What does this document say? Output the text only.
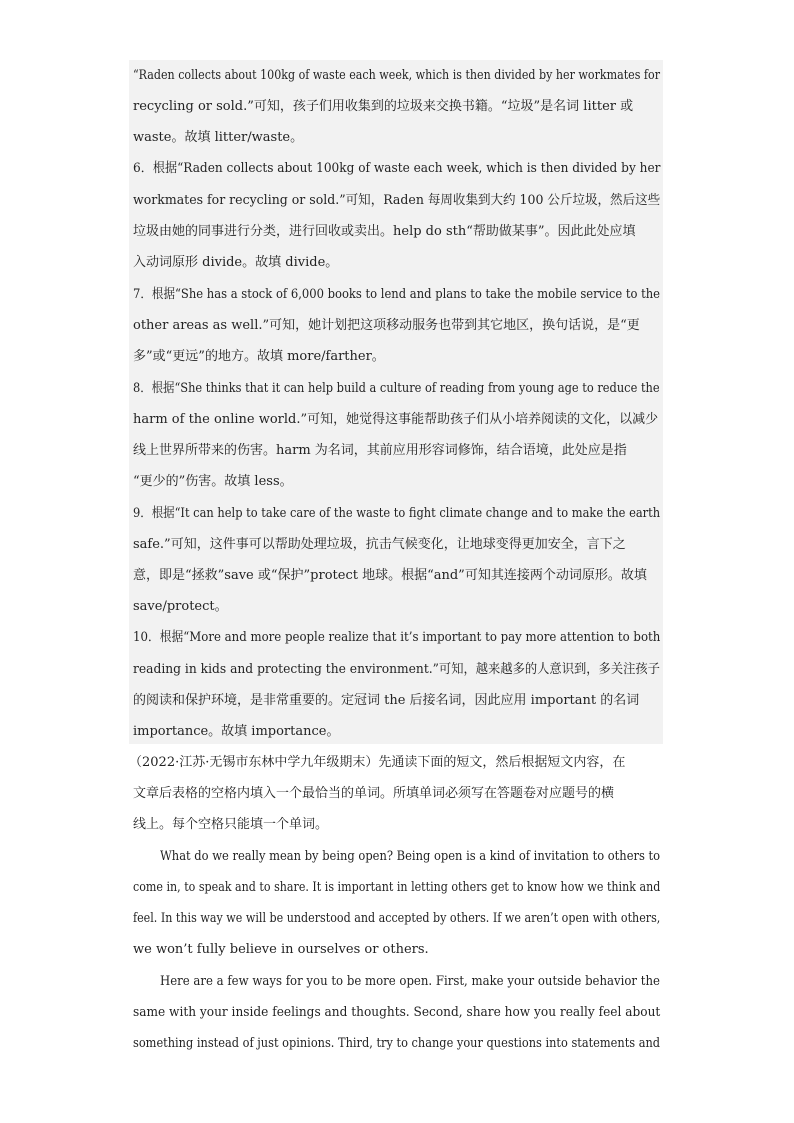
“Raden collects about 100kg of waste each week, which is then divided by her workmates for
recycling or sold.”可知，孩子们用收集到的垃圾来交换书籍。“垃圾”是名词 litter 或
waste。故填 litter/waste。
6．根据“Raden collects about 100kg of waste each week, which is then divided by her
workmates for recycling or sold.”可知，Raden 每周收集到大约 100 公斤垃圾，然后这些
垃圾由她的同事进行分类，进行回收或卖出。help do sth“帮助做某事”。因此此处应填
入动词原形 divide。故填 divide。
7．根据“She has a stock of 6,000 books to lend and plans to take the mobile service to the
other areas as well.”可知，她计划把这项移动服务也带到其它地区，换句话说，是“更
多”或“更远”的地方。故填 more/farther。
8．根据“She thinks that it can help build a culture of reading from young age to reduce the
harm of the online world.”可知，她觉得这事能帮助孩子们从小培养阅读的文化，以减少
线上世界所带来的伤害。harm 为名词，其前应用形容词修饰，结合语境，此处应是指
“更少的”伤害。故填 less。
9．根据“It can help to take care of the waste to fight climate change and to make the earth
safe.”可知，这件事可以帮助处理垃圾，抗击气候变化，让地球变得更加安全，言下之
意，即是“拯救”save 或“保护”protect 地球。根据“and”可知其连接两个动词原形。故填
save/protect。
10．根据“More and more people realize that it’s important to pay more attention to both
reading in kids and protecting the environment.”可知，越来越多的人意识到，多关注孩子
的阅读和保护环境，是非常重要的。定冠词 the 后接名词，因此应用 important 的名词
importance。故填 importance。
（2022·江苏·无锡市东林中学九年级期末）先通读下面的短文，然后根据短文内容，在
文章后表格的空格内填入一个最恰当的单词。所填单词必须写在答题卷对应题号的横
线上。每个空格只能填一个单词。
What do we really mean by being open? Being open is a kind of invitation to others to
come in, to speak and to share. It is important in letting others get to know how we think and
feel. In this way we will be understood and accepted by others. If we aren’t open with others,
we won’t fully believe in ourselves or others.
Here are a few ways for you to be more open. First, make your outside behavior the
same with your inside feelings and thoughts. Second, share how you really feel about
something instead of just opinions. Third, try to change your questions into statements and
